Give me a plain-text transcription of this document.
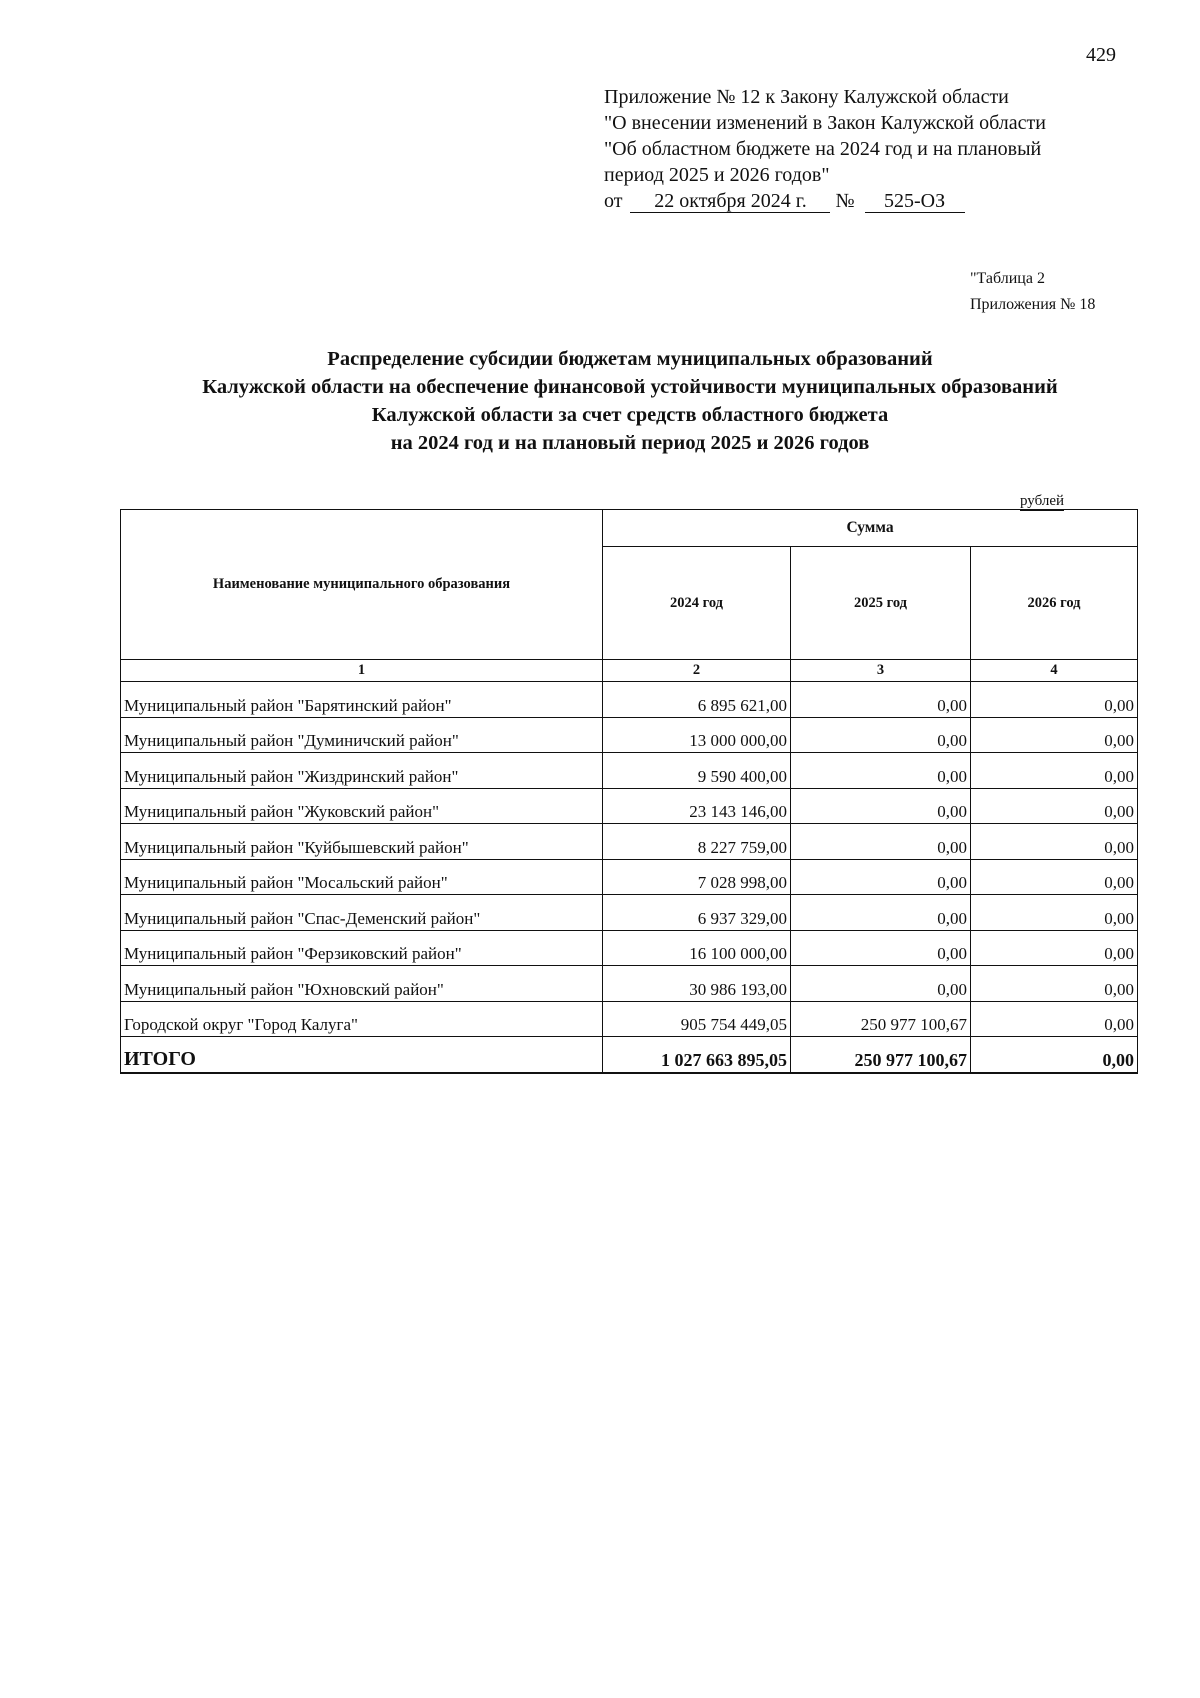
429
Приложение № 12 к Закону Калужской области
"О внесении изменений в Закон Калужской области
"Об областном бюджете на 2024 год и на плановый
период 2025 и 2026 годов"
от 22 октября 2024 г. № 525-ОЗ
"Таблица 2
Приложения № 18
Распределение субсидии бюджетам муниципальных образований
Калужской области на обеспечение финансовой устойчивости муниципальных образований
Калужской области за счет средств областного бюджета
на 2024 год и на плановый период 2025 и 2026 годов
рублей
Наименование муниципального образования	Сумма		
	2024 год	2025 год	2026 год
1	2	3	4
Муниципальный район "Барятинский район"	6 895 621,00	0,00	0,00
Муниципальный район "Думиничский район"	13 000 000,00	0,00	0,00
Муниципальный район "Жиздринский район"	9 590 400,00	0,00	0,00
Муниципальный район "Жуковский район"	23 143 146,00	0,00	0,00
Муниципальный район "Куйбышевский район"	8 227 759,00	0,00	0,00
Муниципальный район "Мосальский район"	7 028 998,00	0,00	0,00
Муниципальный район "Спас-Деменский район"	6 937 329,00	0,00	0,00
Муниципальный район "Ферзиковский район"	16 100 000,00	0,00	0,00
Муниципальный район "Юхновский район"	30 986 193,00	0,00	0,00
Городской округ "Город Калуга"	905 754 449,05	250 977 100,67	0,00
ИТОГО	1 027 663 895,05	250 977 100,67	0,00
